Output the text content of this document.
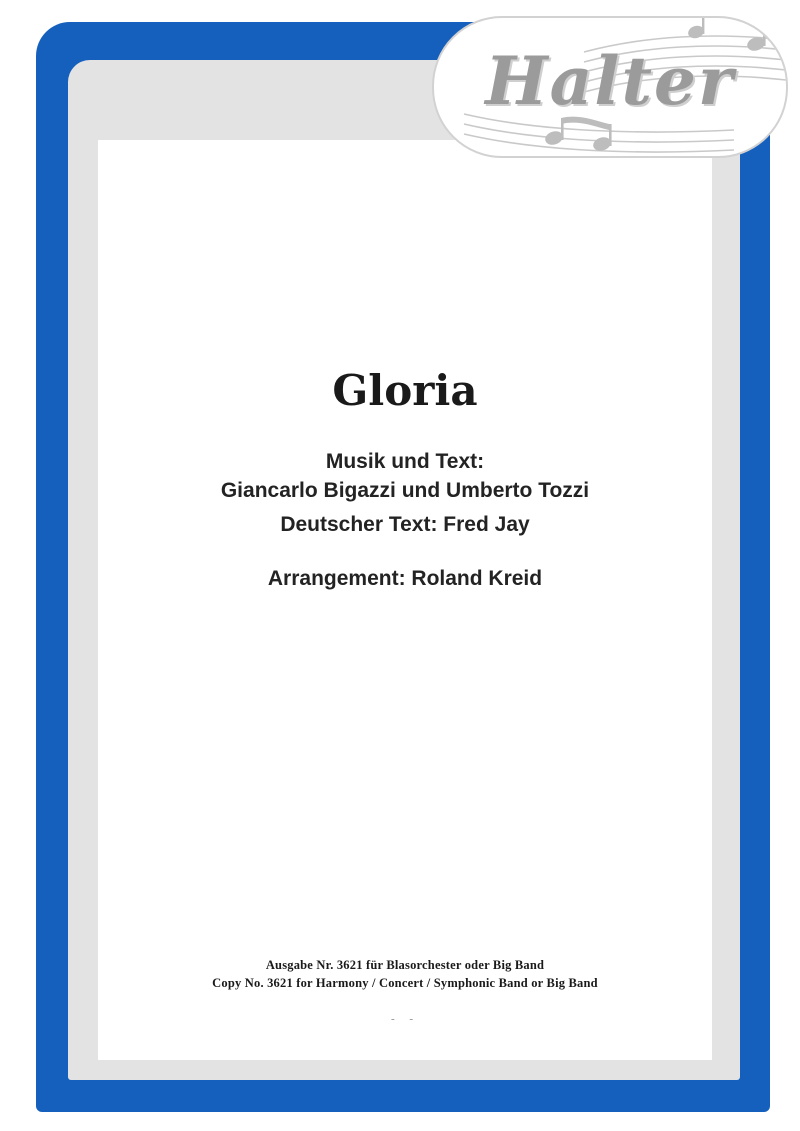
Halter
Gloria
Musik und Text:
Giancarlo Bigazzi und Umberto Tozzi
Deutscher Text: Fred Jay
Arrangement: Roland Kreid
Ausgabe Nr. 3621 für Blasorchester oder Big Band
Copy No. 3621 for Harmony / Concert / Symphonic Band or Big Band
- -
